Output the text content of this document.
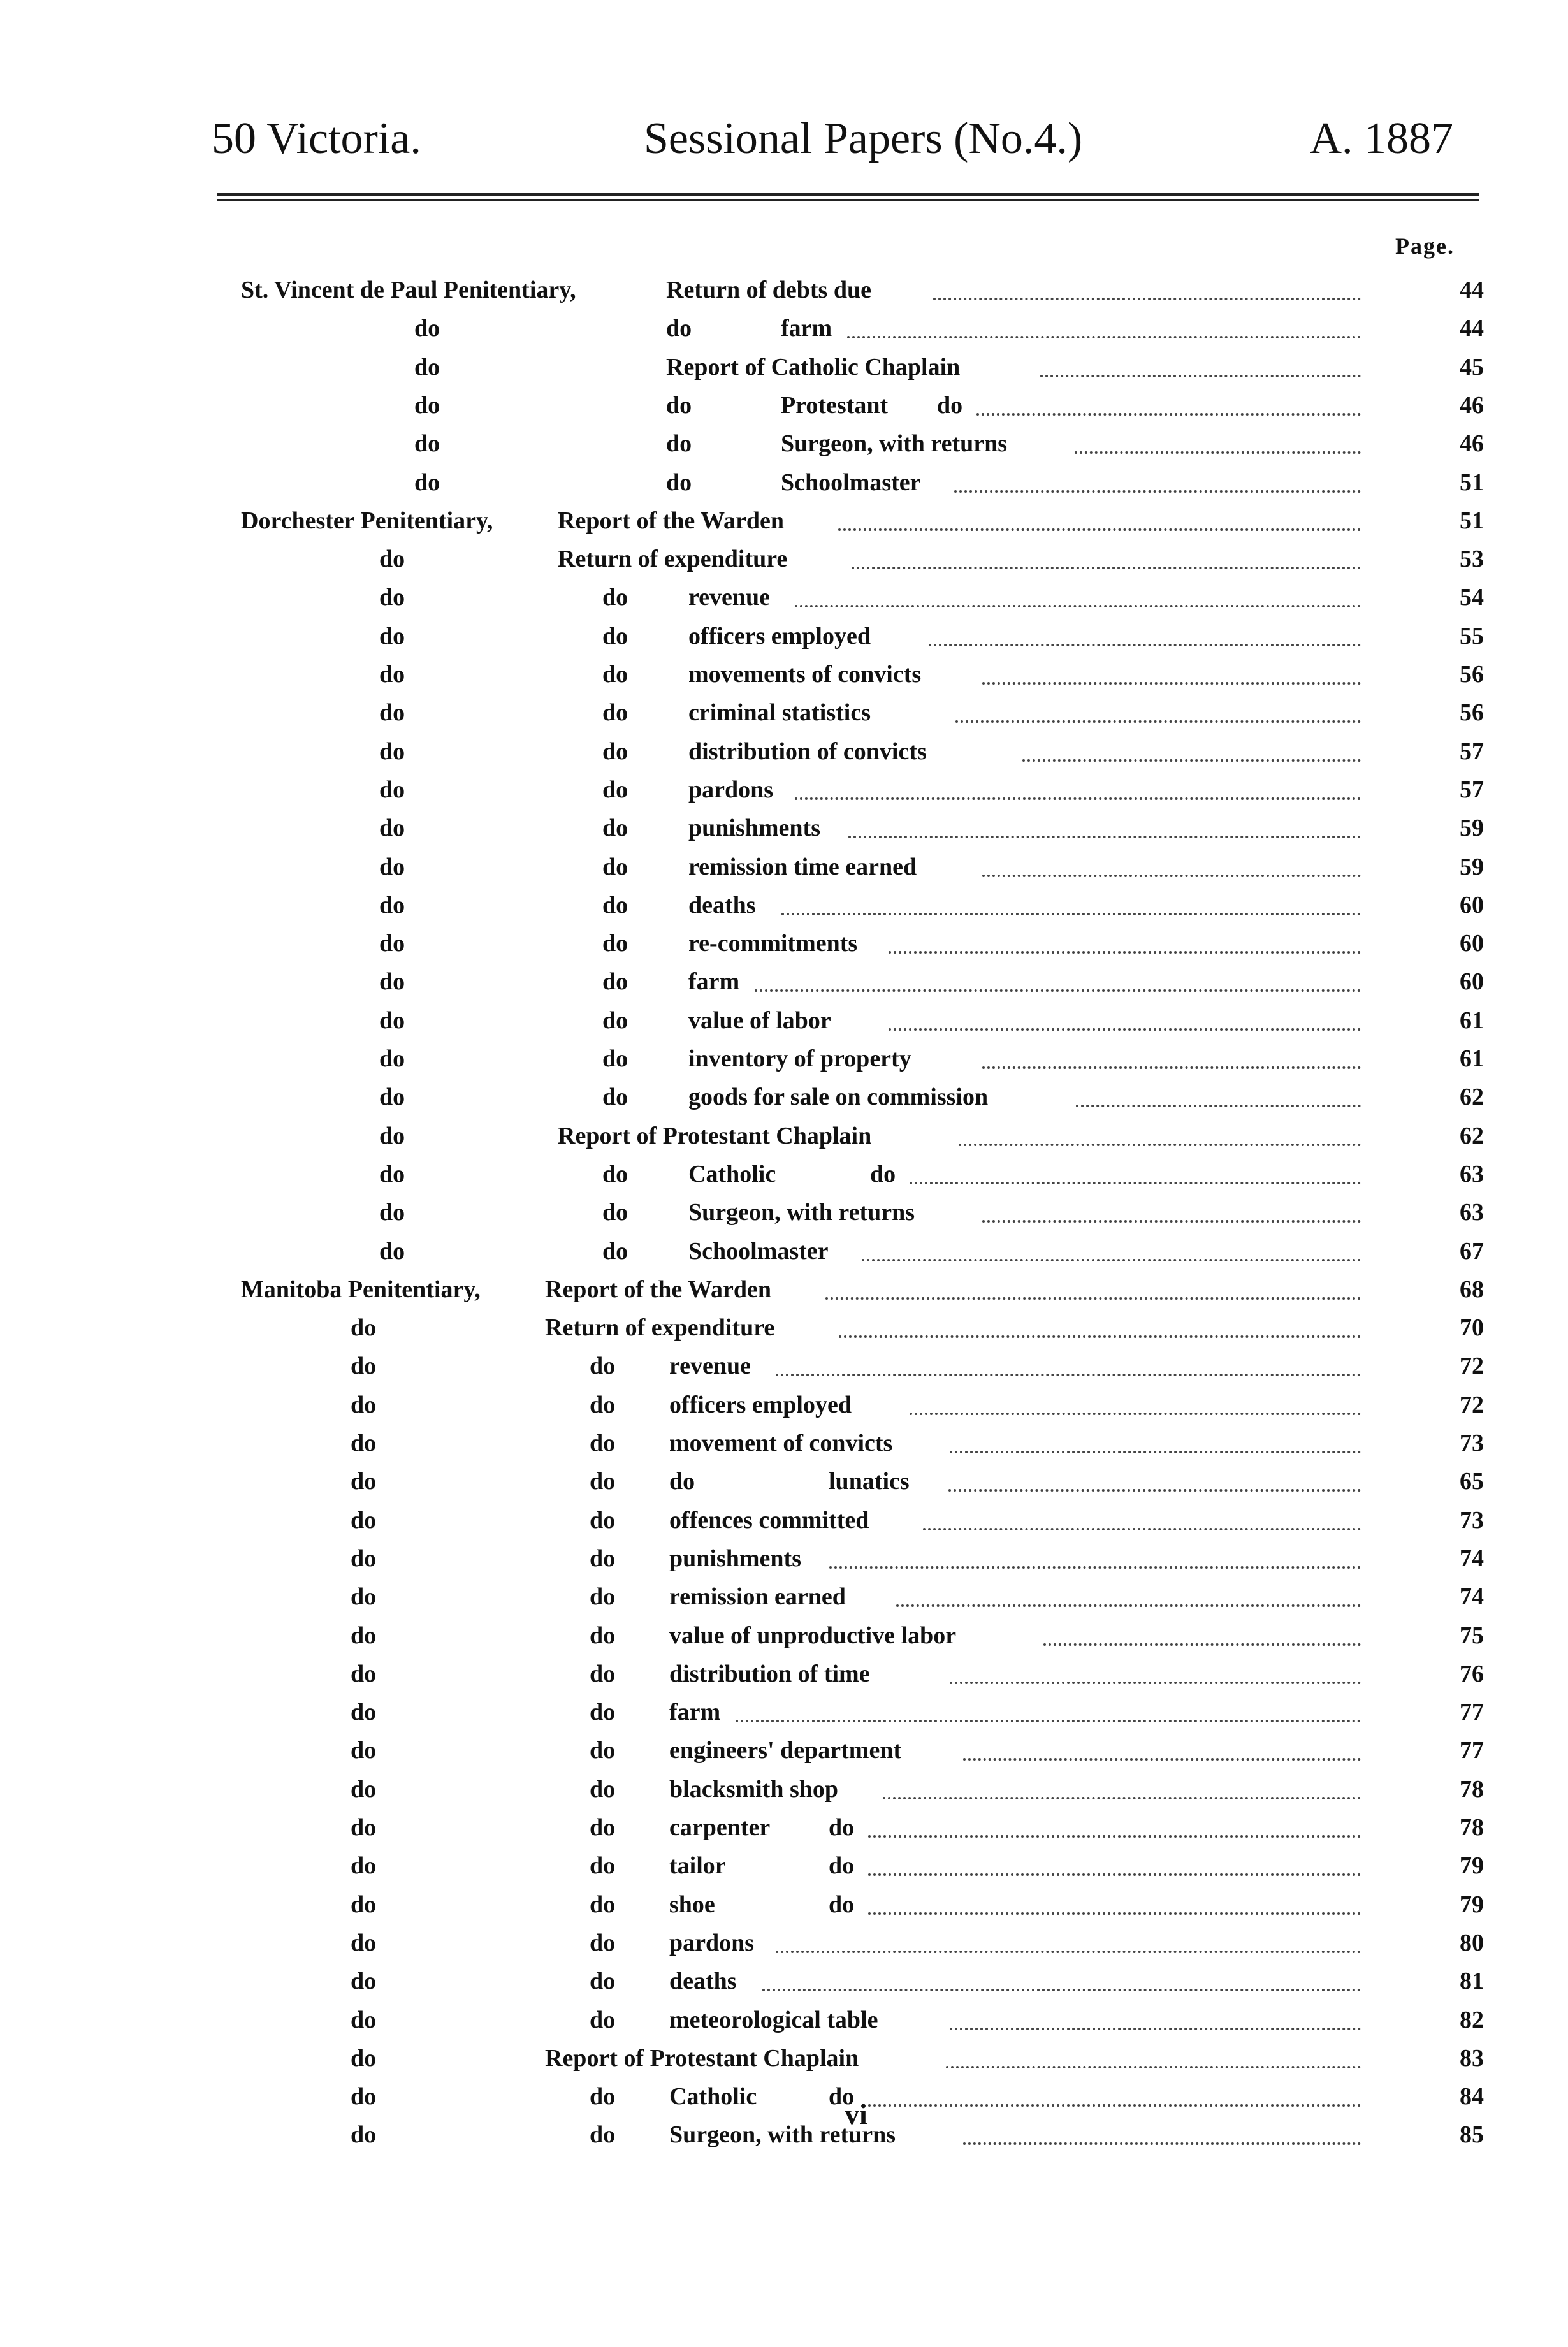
50 Victoria.	Sessional Papers (No.4.)	A. 1887
Page.
St. Vincent de Paul Penitentiary,	Return of debts due	44
do	do	farm	44
do	Report of Catholic Chaplain	45
do	do	Protestant do	46
do	do	Surgeon, with returns	46
do	do	Schoolmaster	51
Dorchester Penitentiary,	Report of the Warden	51
do	Return of expenditure	53
do	do revenue	54
do	do officers employed	55
do	do movements of convicts	56
do	do criminal statistics	56
do	do distribution of convicts	57
do	do pardons	57
do	do punishments	59
do	do remission time earned	59
do	do deaths	60
do	do re-commitments	60
do	do farm	60
do	do value of labor	61
do	do inventory of property	61
do	do goods for sale on commission	62
do	Report of Protestant Chaplain	62
do	do Catholic	do	63
do	do Surgeon, with returns	63
do	do Schoolmaster	67
Manitoba Penitentiary,	Report of the Warden	68
do	Return of expenditure	70
do	do revenue	72
do	do officers employed	72
do	do movement of convicts	73
do	do do	lunatics	65
do	do offences committed	73
do	do punishments	74
do	do remission earned	74
do	do value of unproductive labor	75
do	do distribution of time	76
do	do farm	77
do	do engineers' department	77
do	do blacksmith shop	78
do	do carpenter do	78
do	do tailor	do	79
do	do shoe	do	79
do	do pardons	80
do	do deaths	81
do	do meteorological table	82
do	Report of Protestant Chaplain	83
do	do Catholic	do	84
do	do Surgeon, with returns	85
vi
